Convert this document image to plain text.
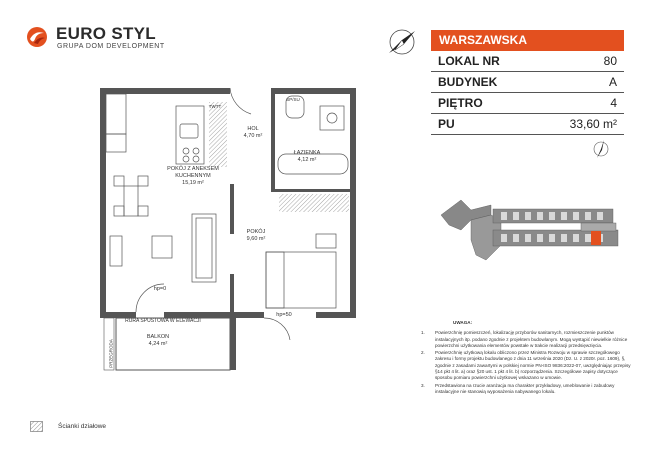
EURO STYL
GRUPA DOM DEVELOPMENT	WARSZAWSKA
LOKAL NR	80
BUDYNEK	A
PIĘTRO	4
PU	33,60 m²
POKÓJ Z ANEKSEM
KUCHENNYM
15,19 m²
HOL
4,70 m²
ŁAZIENKA
4,12 m²
POKÓJ
9,60 m²
BALKON
4,24 m²
RURA SPUSTOWA W ELEWACJI
hp=0
hp=50
TWTT
SP/SU
PRZEGRODA
UWAGA:
1.	Powierzchnię pomieszczeń, lokalizację przyborów sanitarnych, rozmieszczenie punktów instalacyjnych itp. podano zgodnie z projektem budowlanym. Mogą wystąpić niewielkie różnice powierzchni użytkowania elementów powstałe w trakcie realizacji przedsięwzięcia.
2.	Powierzchnię użytkową lokalu obliczono przez Ministra Rozwoju w sprawie szczegółowego zakresu i formy projektu budowlanego z dnia 11 września 2020 (Dz. U. z 2020r. poz. 1609), §, zgodnie z zasadami zawartymi w polskiej normie PN-ISO 9836:2022-07, uwzględniając przepisy §14 pkt 4 lit. a) oraz §20 ust. 1 pkt 4 lit. b) rozporządzenia. Szczegółowe zapisy dotyczące sposobu pomiaru powierzchni użytkowej wskazano w umowie.
3.	Przedstawiona na rzucie aranżacja ma charakter przykładowy, umeblowanie i zabudowy instalacyjne nie stanowią wyposażenia nabywanego lokalu.
Ścianki działowe
